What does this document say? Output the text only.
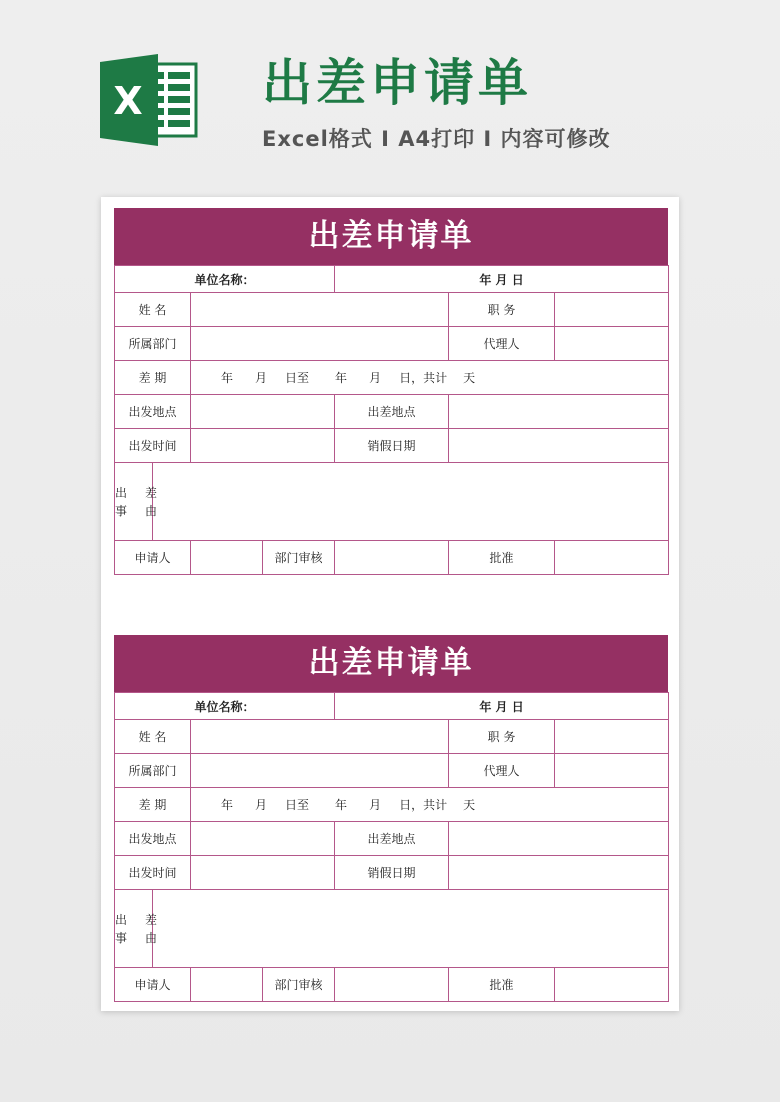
X 出差申请单
Excel格式 I A4打印 I 内容可修改
出差申请单
单位名称：				年 月 日		
姓 名					职 务	
所属部门					代理人	
差 期		年 月 日至 年 月 日，共计 天				
出发地点				出差地点		
出发时间				销假日期		
出 差
事 由						
申请人			部门审核		批准	
出差申请单
单位名称：				年 月 日		
姓 名					职 务	
所属部门					代理人	
差 期		年 月 日至 年 月 日，共计 天				
出发地点				出差地点		
出发时间				销假日期		
出 差
事 由						
申请人			部门审核		批准	
